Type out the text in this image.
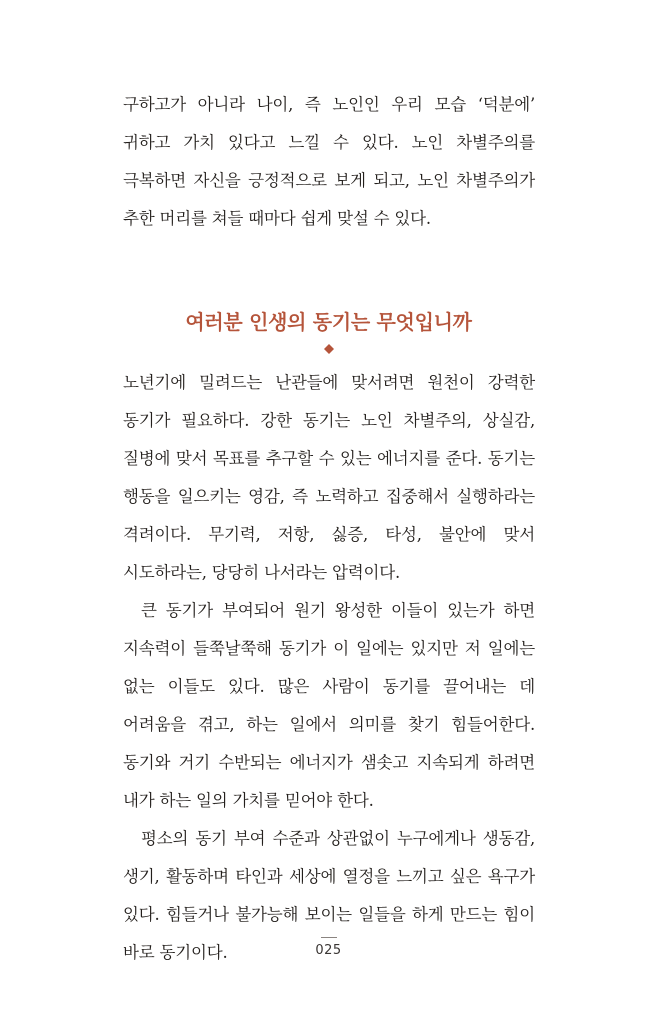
구하고가 아니라 나이, 즉 노인인 우리 모습 ‘덕분에’ 귀하고 가치 있다고 느낄 수 있다. 노인 차별주의를 극복하면 자신을 긍정적으로 보게 되고, 노인 차별주의가 추한 머리를 쳐들 때마다 쉽게 맞설 수 있다.

여러분 인생의 동기는 무엇입니까

노년기에 밀려드는 난관들에 맞서려면 원천이 강력한 동기가 필요하다. 강한 동기는 노인 차별주의, 상실감, 질병에 맞서 목표를 추구할 수 있는 에너지를 준다. 동기는 행동을 일으키는 영감, 즉 노력하고 집중해서 실행하라는 격려이다. 무기력, 저항, 싫증, 타성, 불안에 맞서 시도하라는, 당당히 나서라는 압력이다.

큰 동기가 부여되어 원기 왕성한 이들이 있는가 하면 지속력이 들쭉날쭉해 동기가 이 일에는 있지만 저 일에는 없는 이들도 있다. 많은 사람이 동기를 끌어내는 데 어려움을 겪고, 하는 일에서 의미를 찾기 힘들어한다. 동기와 거기 수반되는 에너지가 샘솟고 지속되게 하려면 내가 하는 일의 가치를 믿어야 한다.

평소의 동기 부여 수준과 상관없이 누구에게나 생동감, 생기, 활동하며 타인과 세상에 열정을 느끼고 싶은 욕구가 있다. 힘들거나 불가능해 보이는 일들을 하게 만드는 힘이 바로 동기이다.	025
